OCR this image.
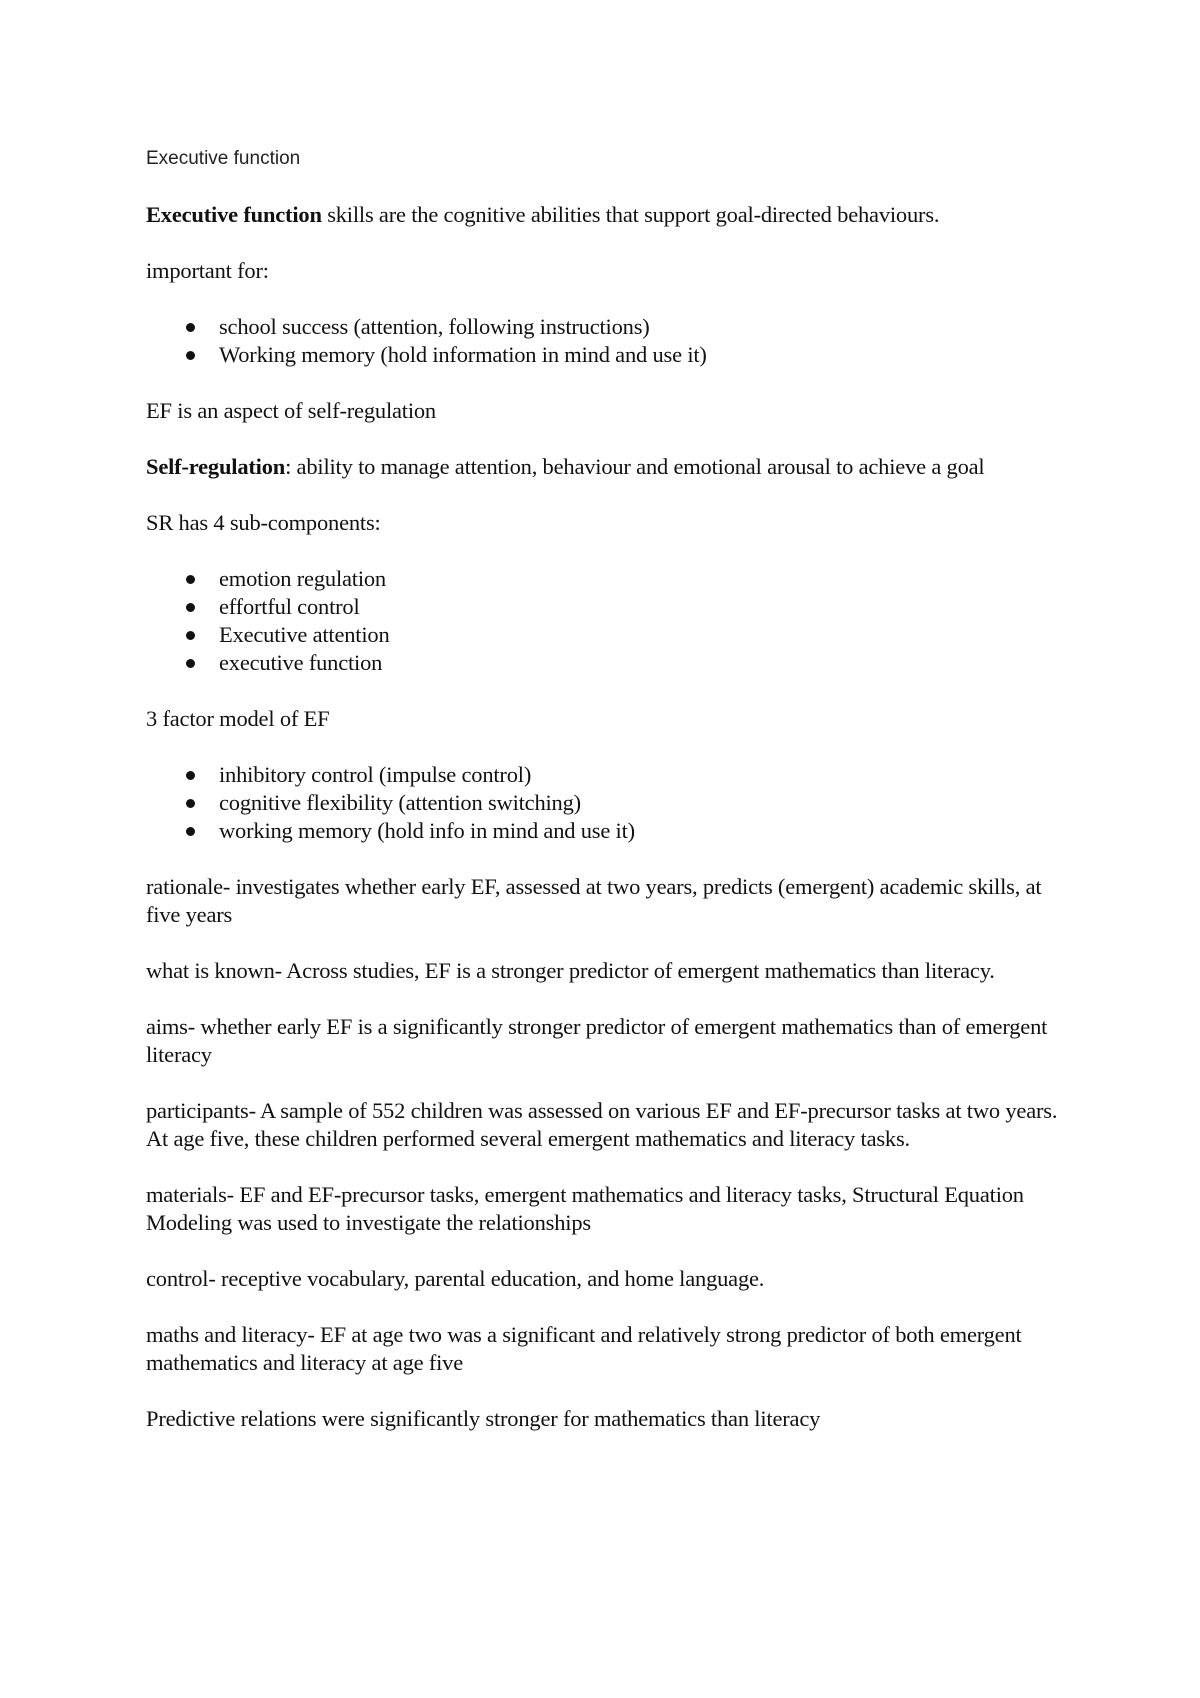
Executive function

Executive function skills are the cognitive abilities that support goal-directed behaviours.

important for:

school success (attention, following instructions)
Working memory (hold information in mind and use it)

EF is an aspect of self-regulation

Self-regulation: ability to manage attention, behaviour and emotional arousal to achieve a goal

SR has 4 sub-components:

emotion regulation
effortful control
Executive attention
executive function

3 factor model of EF

inhibitory control (impulse control)
cognitive flexibility (attention switching)
working memory (hold info in mind and use it)

rationale- investigates whether early EF, assessed at two years, predicts (emergent) academic skills, at five years

what is known- Across studies, EF is a stronger predictor of emergent mathematics than literacy.

aims- whether early EF is a significantly stronger predictor of emergent mathematics than of emergent literacy

participants- A sample of 552 children was assessed on various EF and EF-precursor tasks at two years. At age five, these children performed several emergent mathematics and literacy tasks.

materials- EF and EF-precursor tasks, emergent mathematics and literacy tasks, Structural Equation Modeling was used to investigate the relationships

control- receptive vocabulary, parental education, and home language.

maths and literacy- EF at age two was a significant and relatively strong predictor of both emergent mathematics and literacy at age five

Predictive relations were significantly stronger for mathematics than literacy
